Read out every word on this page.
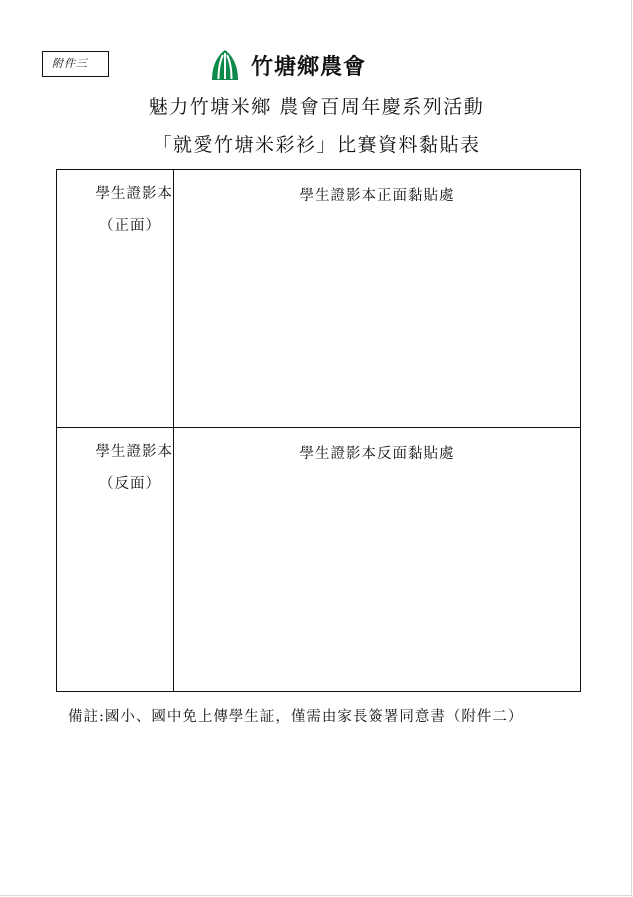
附件三	竹塘鄉農會
魅力竹塘米鄉 農會百周年慶系列活動
「就愛竹塘米彩衫」比賽資料黏貼表
學生證影本
（正面）
學生證影本正面黏貼處
學生證影本
（反面）
學生證影本反面黏貼處
備註:國小、國中免上傳學生証，僅需由家長簽署同意書（附件二）
